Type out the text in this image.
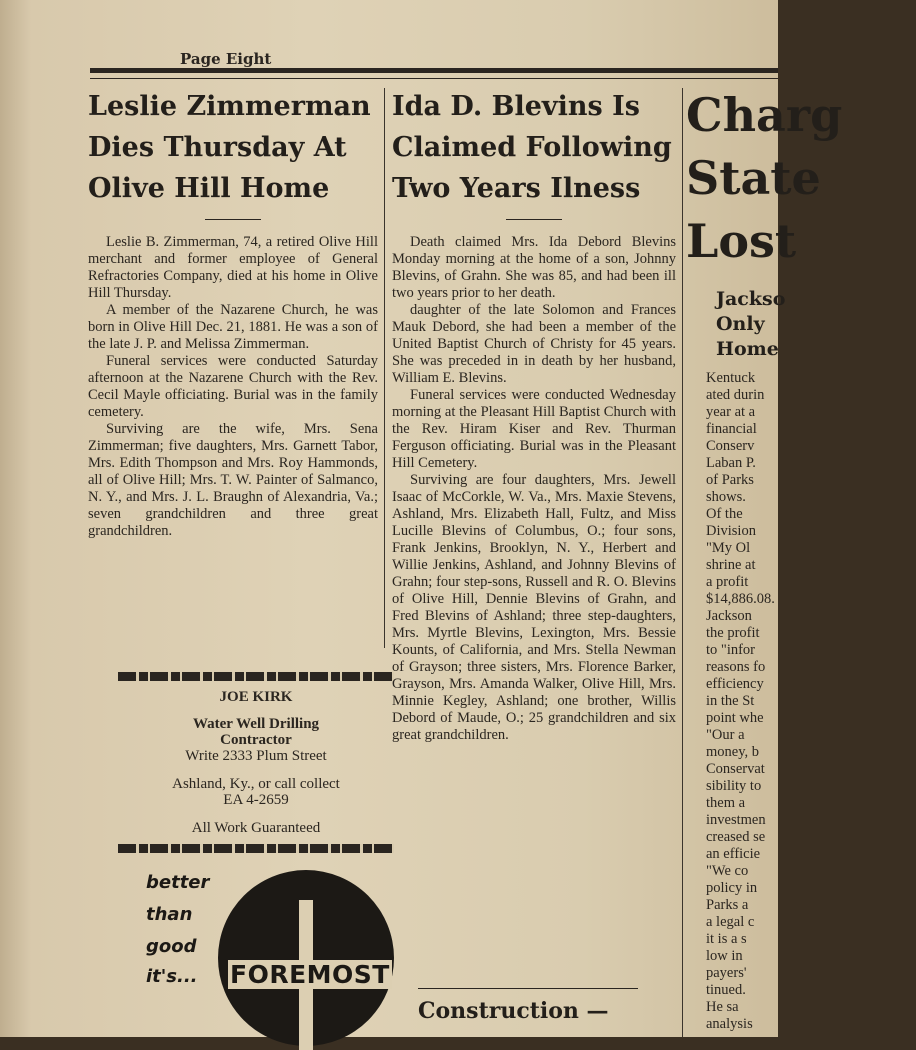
Page Eight
Leslie Zimmerman
Dies Thursday At
Olive Hill Home

Leslie B. Zimmerman, 74, a retired Olive Hill merchant and former employee of General Refractories Company, died at his home in Olive Hill Thursday.

A member of the Nazarene Church, he was born in Olive Hill Dec. 21, 1881. He was a son of the late J. P. and Melissa Zimmerman.

Funeral services were conducted Saturday afternoon at the Nazarene Church with the Rev. Cecil Mayle officiating. Burial was in the family cemetery.

Surviving are the wife, Mrs. Sena Zimmerman; five daughters, Mrs. Garnett Tabor, Mrs. Edith Thompson and Mrs. Roy Hammonds, all of Olive Hill; Mrs. T. W. Painter of Salmanco, N. Y., and Mrs. J. L. Braughn of Alexandria, Va.; seven grandchildren and three great grandchildren.

JOE KIRK

Water Well Drilling

Contractor

Write 2333 Plum Street

Ashland, Ky., or call collect

EA 4-2659

All Work Guaranteed

better
than
good
it's... FOREMOST
Ida D. Blevins Is
Claimed Following
Two Years Ilness

Death claimed Mrs. Ida Debord Blevins Monday morning at the home of a son, Johnny Blevins, of Grahn. She was 85, and had been ill two years prior to her death.

daughter of the late Solomon and Frances Mauk Debord, she had been a member of the United Baptist Church of Christy for 45 years. She was preceded in in death by her husband, William E. Blevins.

Funeral services were conducted Wednesday morning at the Pleasant Hill Baptist Church with the Rev. Hiram Kiser and Rev. Thurman Ferguson officiating. Burial was in the Pleasant Hill Cemetery.

Surviving are four daughters, Mrs. Jewell Isaac of McCorkle, W. Va., Mrs. Maxie Stevens, Ashland, Mrs. Elizabeth Hall, Fultz, and Miss Lucille Blevins of Columbus, O.; four sons, Frank Jenkins, Brooklyn, N. Y., Herbert and Willie Jenkins, Ashland, and Johnny Blevins of Grahn; four step-sons, Russell and R. O. Blevins of Olive Hill, Dennie Blevins of Grahn, and Fred Blevins of Ashland; three step-daughters, Mrs. Myrtle Blevins, Lexington, Mrs. Bessie Kounts, of California, and Mrs. Stella Newman of Grayson; three sisters, Mrs. Florence Barker, Grayson, Mrs. Amanda Walker, Olive Hill, Mrs. Minnie Kegley, Ashland; one brother, Willis Debord of Maude, O.; 25 grandchildren and six great grandchildren.

Construction —
Charg
State
Lost
Jackso
Only
Home

Kentuck
ated durin
year at a
financial
Conserv
Laban P.
of Parks
shows.
Of the
Division
"My Ol
shrine at
a profit
$14,886.08.
Jackson
the profit
to "infor
reasons fo
efficiency
in the St
point whe
"Our a
money, b
Conservat
sibility to
them a
investmen
creased se
an efficie
"We co
policy in
Parks a
a legal c
it is a s
low in
payers'
tinued.
He sa
analysis
